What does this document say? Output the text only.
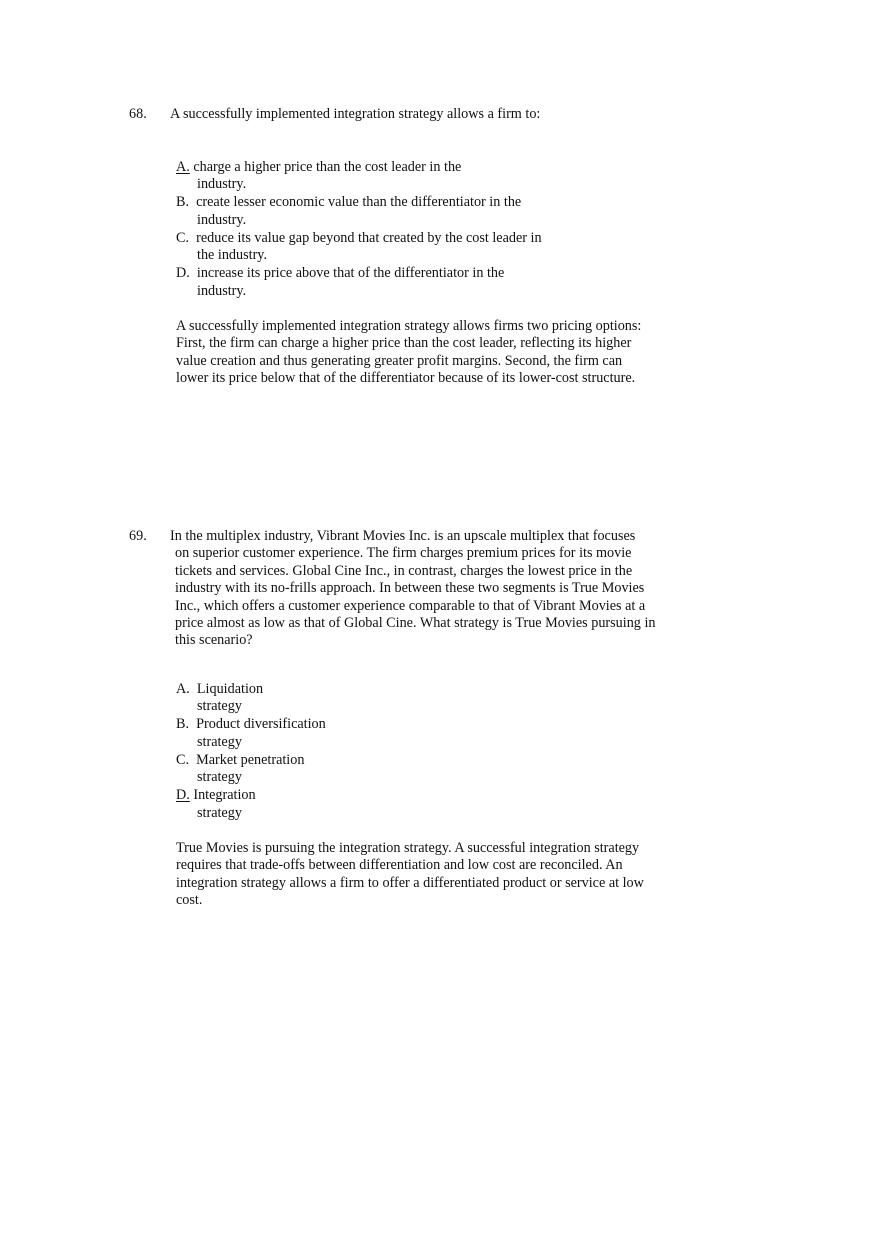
68. A successfully implemented integration strategy allows a firm to:
A. charge a higher price than the cost leader in the
industry.
B. create lesser economic value than the differentiator in the
industry.
C. reduce its value gap beyond that created by the cost leader in
the industry.
D. increase its price above that of the differentiator in the
industry.
A successfully implemented integration strategy allows firms two pricing options:
First, the firm can charge a higher price than the cost leader, reflecting its higher
value creation and thus generating greater profit margins. Second, the firm can
lower its price below that of the differentiator because of its lower-cost structure.
69. In the multiplex industry, Vibrant Movies Inc. is an upscale multiplex that focuses
on superior customer experience. The firm charges premium prices for its movie
tickets and services. Global Cine Inc., in contrast, charges the lowest price in the
industry with its no-frills approach. In between these two segments is True Movies
Inc., which offers a customer experience comparable to that of Vibrant Movies at a
price almost as low as that of Global Cine. What strategy is True Movies pursuing in
this scenario?
A. Liquidation
strategy
B. Product diversification
strategy
C. Market penetration
strategy
D. Integration
strategy
True Movies is pursuing the integration strategy. A successful integration strategy
requires that trade-offs between differentiation and low cost are reconciled. An
integration strategy allows a firm to offer a differentiated product or service at low
cost.
